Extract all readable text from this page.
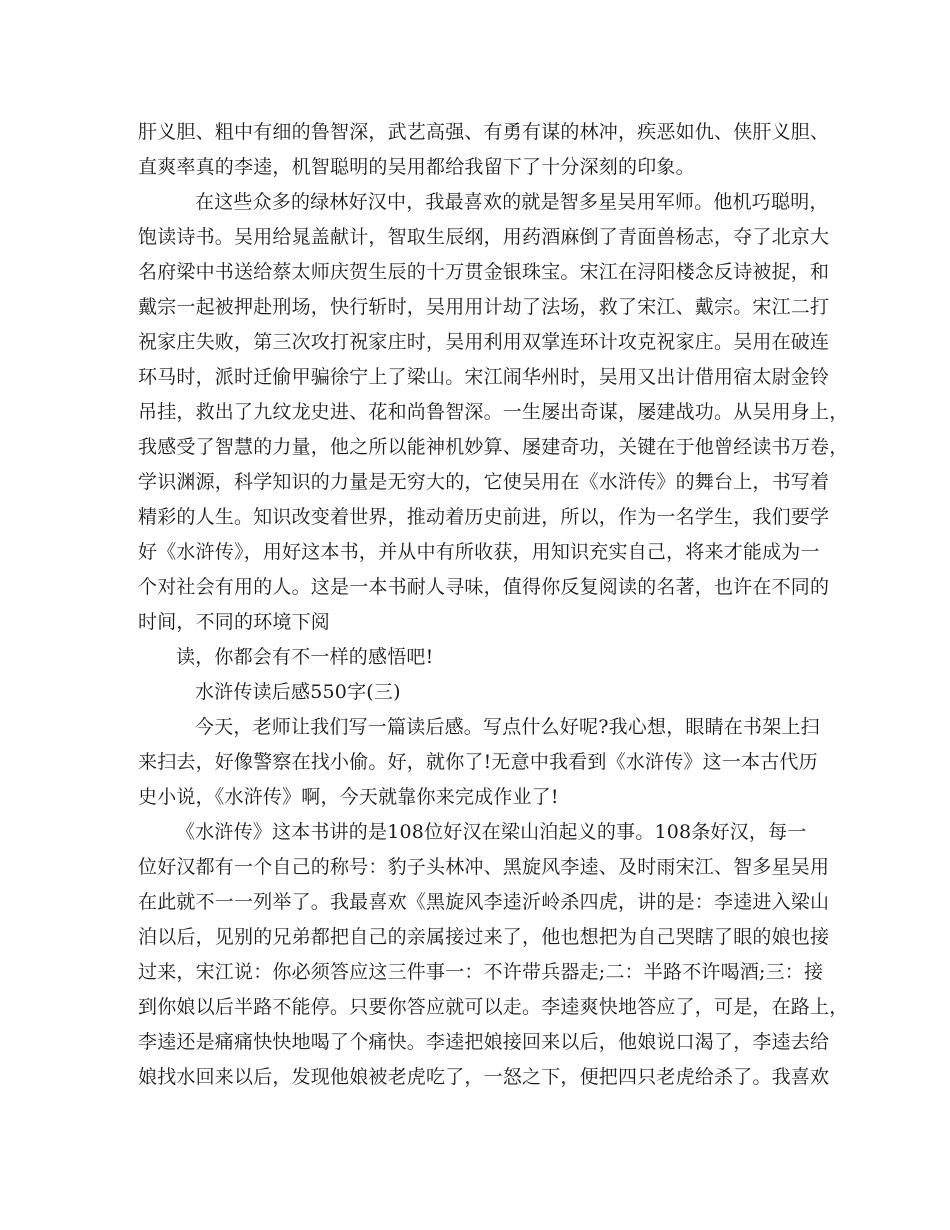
肝义胆、粗中有细的鲁智深，武艺高强、有勇有谋的林冲，疾恶如仇、侠肝义胆、
直爽率真的李逵，机智聪明的吴用都给我留下了十分深刻的印象。
在这些众多的绿林好汉中，我最喜欢的就是智多星吴用军师。他机巧聪明，
饱读诗书。吴用给晁盖献计，智取生辰纲，用药酒麻倒了青面兽杨志，夺了北京大
名府梁中书送给蔡太师庆贺生辰的十万贯金银珠宝。宋江在浔阳楼念反诗被捉，和
戴宗一起被押赴刑场，快行斩时，吴用用计劫了法场，救了宋江、戴宗。宋江二打
祝家庄失败，第三次攻打祝家庄时，吴用利用双掌连环计攻克祝家庄。吴用在破连
环马时，派时迁偷甲骗徐宁上了梁山。宋江闹华州时，吴用又出计借用宿太尉金铃
吊挂，救出了九纹龙史进、花和尚鲁智深。一生屡出奇谋，屡建战功。从吴用身上，
我感受了智慧的力量，他之所以能神机妙算、屡建奇功，关键在于他曾经读书万卷，
学识渊源，科学知识的力量是无穷大的，它使吴用在《水浒传》的舞台上，书写着
精彩的人生。知识改变着世界，推动着历史前进，所以，作为一名学生，我们要学
好《水浒传》，用好这本书，并从中有所收获，用知识充实自己，将来才能成为一
个对社会有用的人。这是一本书耐人寻味，值得你反复阅读的名著，也许在不同的
时间，不同的环境下阅
读，你都会有不一样的感悟吧!
水浒传读后感550字(三)
今天，老师让我们写一篇读后感。写点什么好呢?我心想，眼睛在书架上扫
来扫去，好像警察在找小偷。好，就你了!无意中我看到《水浒传》这一本古代历
史小说，《水浒传》啊，今天就靠你来完成作业了!
《水浒传》这本书讲的是108位好汉在梁山泊起义的事。108条好汉，每一
位好汉都有一个自己的称号：豹子头林冲、黑旋风李逵、及时雨宋江、智多星吴用
在此就不一一列举了。我最喜欢《黑旋风李逵沂岭杀四虎，讲的是：李逵进入梁山
泊以后，见别的兄弟都把自己的亲属接过来了，他也想把为自己哭瞎了眼的娘也接
过来，宋江说：你必须答应这三件事一：不许带兵器走;二：半路不许喝酒;三：接
到你娘以后半路不能停。只要你答应就可以走。李逵爽快地答应了，可是，在路上，
李逵还是痛痛快快地喝了个痛快。李逵把娘接回来以后，他娘说口渴了，李逵去给
娘找水回来以后，发现他娘被老虎吃了，一怒之下，便把四只老虎给杀了。我喜欢
